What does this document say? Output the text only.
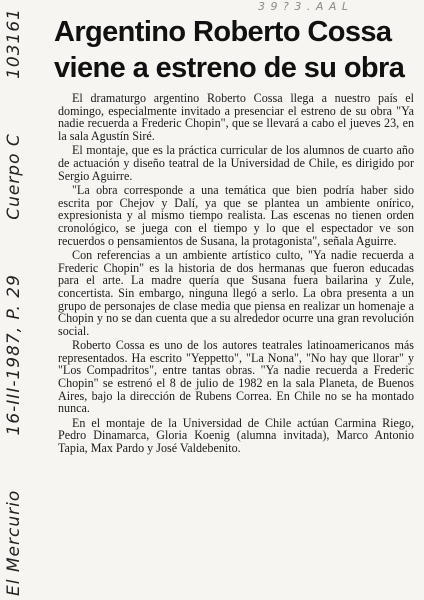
3 9 ? 3 . A A L
El Mercurio
16-III-1987, P. 29
Cuerpo C
103161 Argentino Roberto Cossa
viene a estreno de su obra

El dramaturgo argentino Roberto Cossa llega a nuestro país el domingo, especialmente invitado a presenciar el estreno de su obra "Ya nadie recuerda a Frederic Chopin", que se llevará a cabo el jueves 23, en la sala Agustín Siré.

El montaje, que es la práctica curricular de los alumnos de cuarto año de actuación y diseño teatral de la Universidad de Chile, es dirigido por Sergio Aguirre.

"La obra corresponde a una temática que bien podría haber sido escrita por Chejov y Dalí, ya que se plantea un ambiente onírico, expresionista y al mismo tiempo realista. Las escenas no tienen orden cronológico, se juega con el tiempo y lo que el espectador ve son recuerdos o pensamientos de Susana, la protagonista", señala Aguirre.

Con referencias a un ambiente artístico culto, "Ya nadie recuerda a Frederic Chopin" es la historia de dos hermanas que fueron educadas para el arte. La madre quería que Susana fuera bailarina y Zule, concertista. Sin embargo, ninguna llegó a serlo. La obra presenta a un grupo de personajes de clase media que piensa en realizar un homenaje a Chopin y no se dan cuenta que a su alrededor ocurre una gran revolución social.

Roberto Cossa es uno de los autores teatrales latinoamericanos más representados. Ha escrito "Yeppetto", "La Nona", "No hay que llorar" y "Los Compadritos", entre tantas obras. "Ya nadie recuerda a Frederic Chopin" se estrenó el 8 de julio de 1982 en la sala Planeta, de Buenos Aires, bajo la dirección de Rubens Correa. En Chile no se ha montado nunca.

En el montaje de la Universidad de Chile actúan Carmina Riego, Pedro Dinamarca, Gloria Koenig (alumna invitada), Marco Antonio Tapia, Max Pardo y José Valdebenito.
